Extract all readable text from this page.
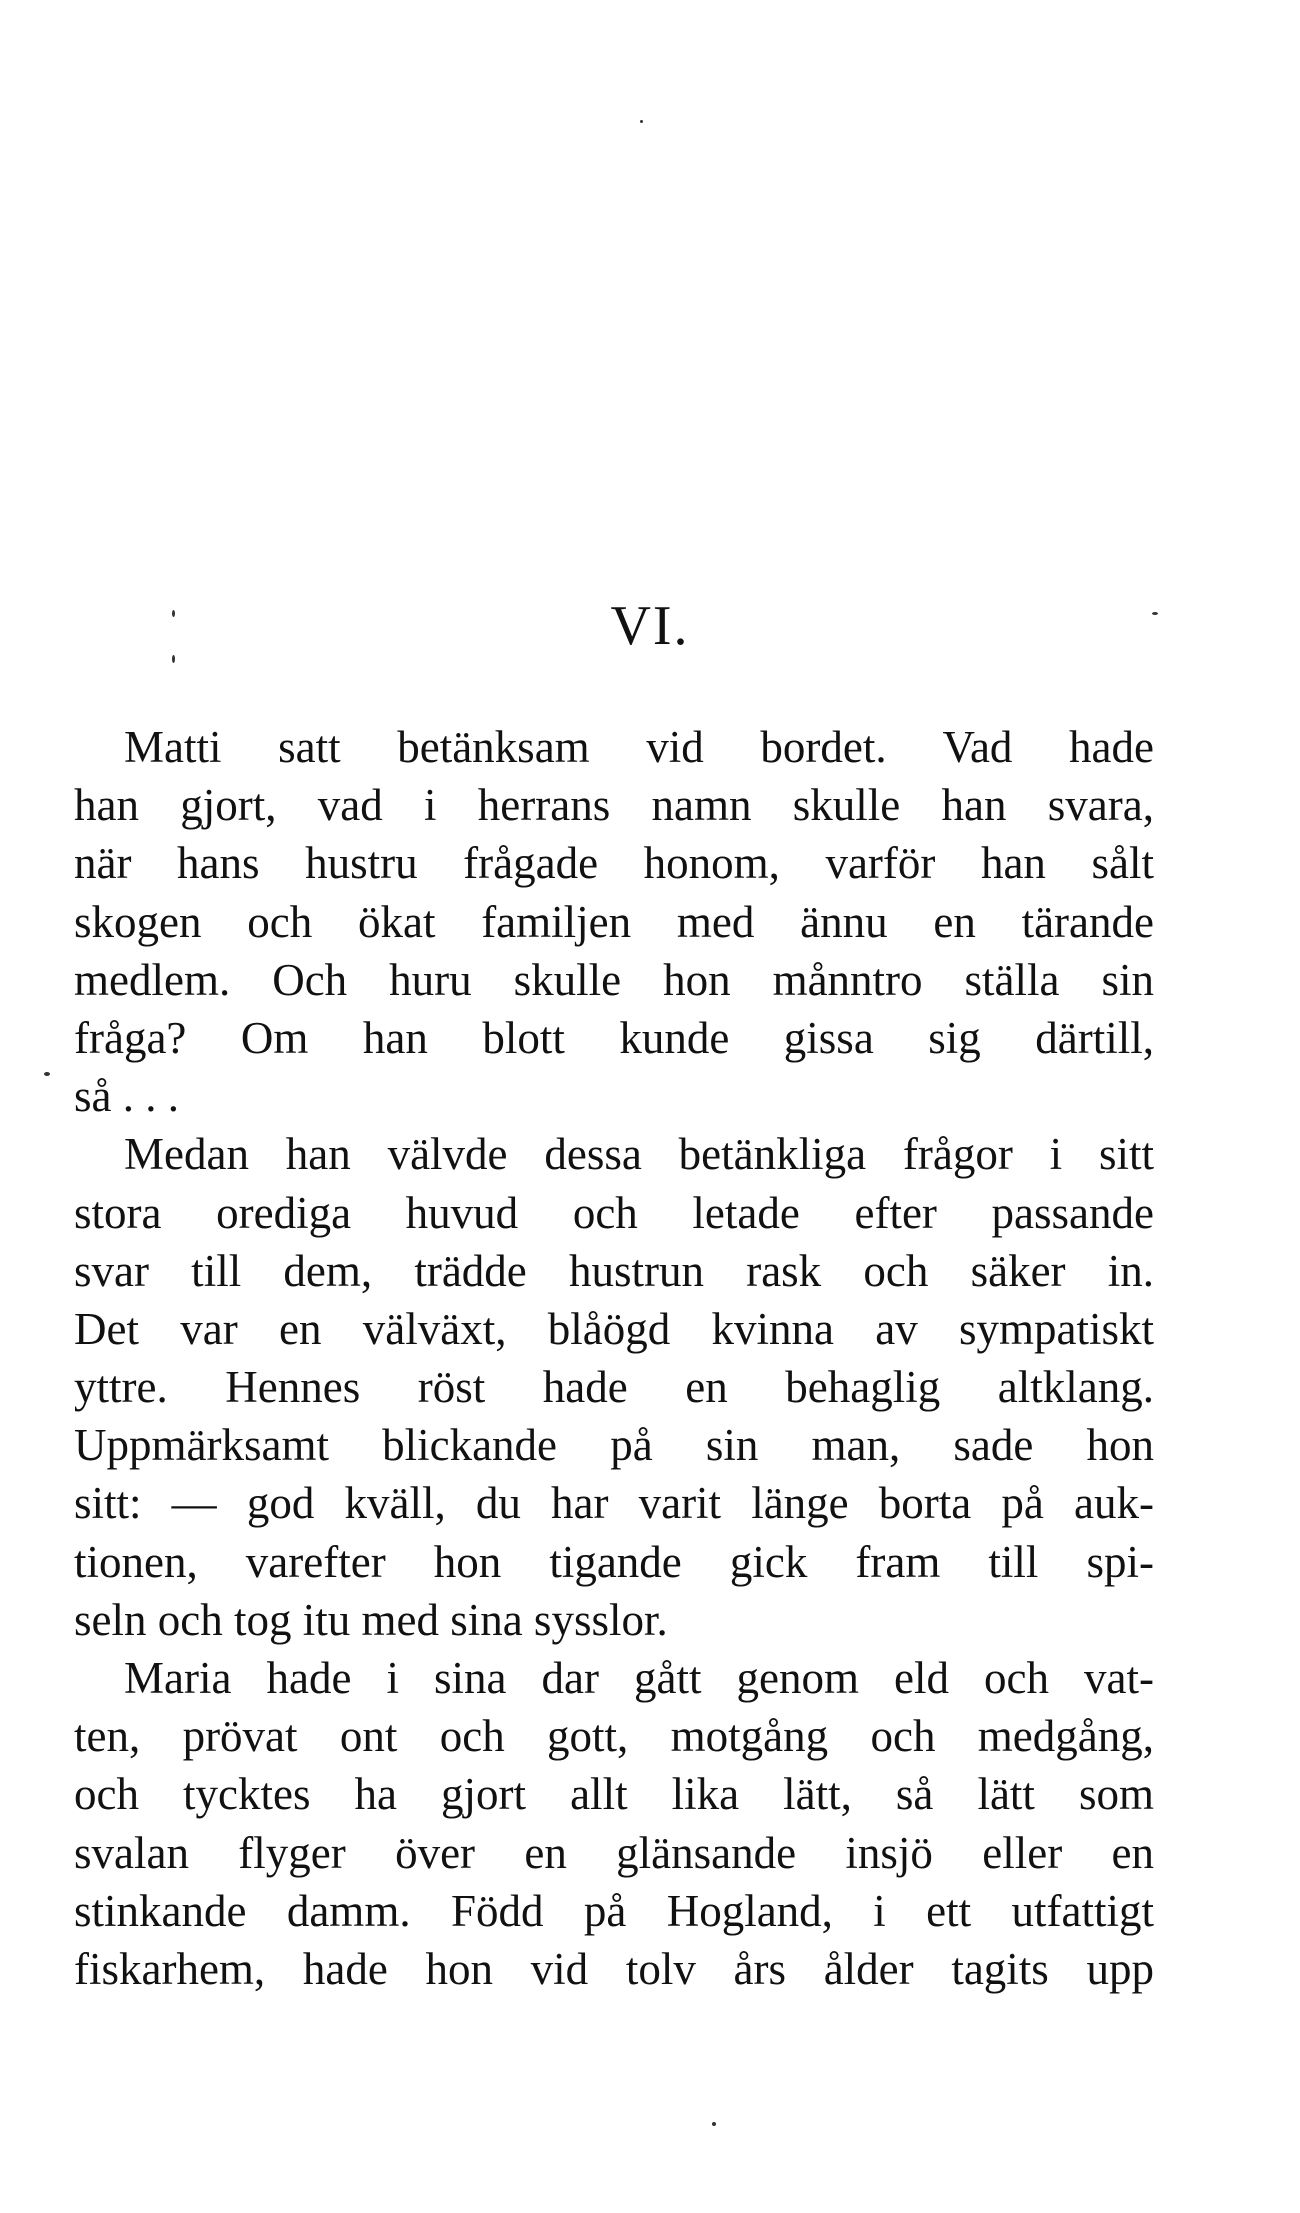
VI.
Matti satt betänksam vid bordet. Vad hade
han gjort, vad i herrans namn skulle han svara,
när hans hustru frågade honom, varför han sålt
skogen och ökat familjen med ännu en tärande
medlem. Och huru skulle hon månntro ställa sin
fråga? Om han blott kunde gissa sig därtill,
så . . .
Medan han välvde dessa betänkliga frågor i sitt
stora orediga huvud och letade efter passande
svar till dem, trädde hustrun rask och säker in.
Det var en välväxt, blåögd kvinna av sympatiskt
yttre. Hennes röst hade en behaglig altklang.
Uppmärksamt blickande på sin man, sade hon
sitt: — god kväll, du har varit länge borta på auk-
tionen, varefter hon tigande gick fram till spi-
seln och tog itu med sina sysslor.
Maria hade i sina dar gått genom eld och vat-
ten, prövat ont och gott, motgång och medgång,
och tycktes ha gjort allt lika lätt, så lätt som
svalan flyger över en glänsande insjö eller en
stinkande damm. Född på Hogland, i ett utfattigt
fiskarhem, hade hon vid tolv års ålder tagits upp
